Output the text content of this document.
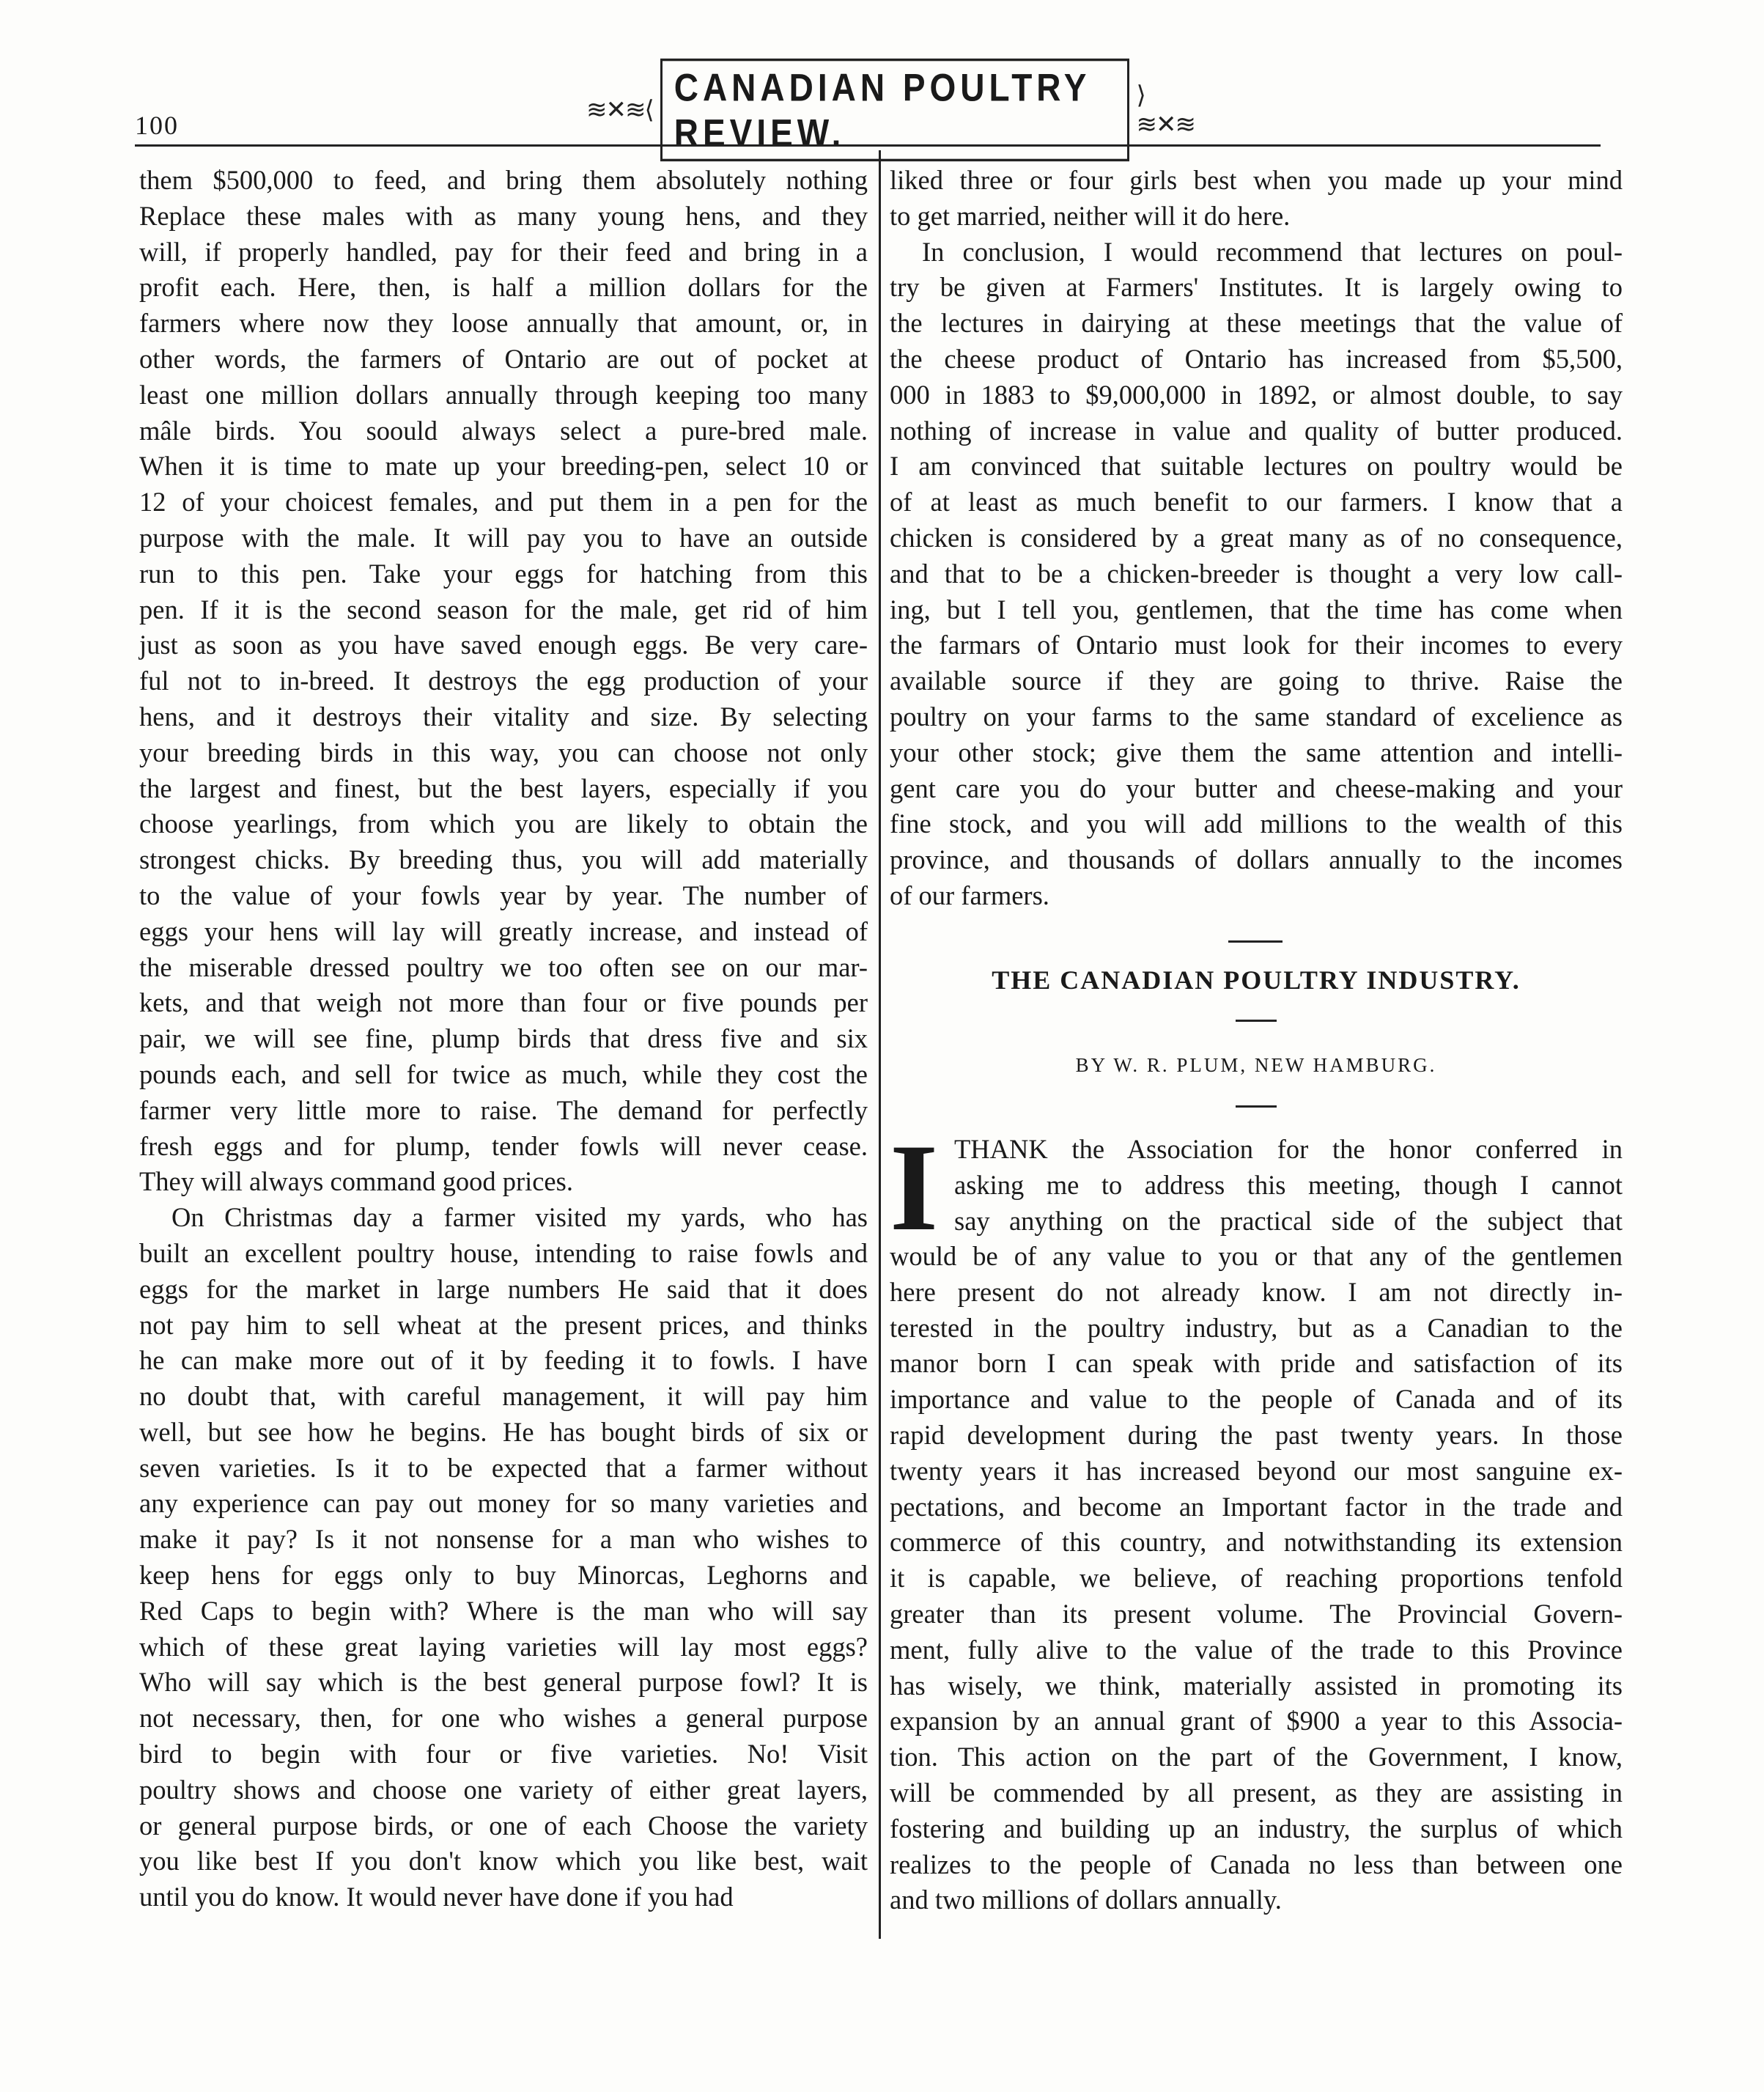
100
≋✕≋⟨
CANADIAN POULTRY REVIEW.
⟩≋✕≋
them $500,000 to feed, and bring them absolutely nothing
Replace these males with as many young hens, and they
will, if properly handled, pay for their feed and bring in a
profit each. Here, then, is half a million dollars for the
farmers where now they loose annually that amount, or, in
other words, the farmers of Ontario are out of pocket at
least one million dollars annually through keeping too many
mâle birds. You soould always select a pure-bred male.
When it is time to mate up your breeding-pen, select 10 or
12 of your choicest females, and put them in a pen for the
purpose with the male. It will pay you to have an outside
run to this pen. Take your eggs for hatching from this
pen. If it is the second season for the male, get rid of him
just as soon as you have saved enough eggs. Be very care-
ful not to in-breed. It destroys the egg production of your
hens, and it destroys their vitality and size. By selecting
your breeding birds in this way, you can choose not only
the largest and finest, but the best layers, especially if you
choose yearlings, from which you are likely to obtain the
strongest chicks. By breeding thus, you will add materially
to the value of your fowls year by year. The number of
eggs your hens will lay will greatly increase, and instead of
the miserable dressed poultry we too often see on our mar-
kets, and that weigh not more than four or five pounds per
pair, we will see fine, plump birds that dress five and six
pounds each, and sell for twice as much, while they cost the
farmer very little more to raise. The demand for perfectly
fresh eggs and for plump, tender fowls will never cease.
They will always command good prices.
On Christmas day a farmer visited my yards, who has
built an excellent poultry house, intending to raise fowls and
eggs for the market in large numbers He said that it does
not pay him to sell wheat at the present prices, and thinks
he can make more out of it by feeding it to fowls. I have
no doubt that, with careful management, it will pay him
well, but see how he begins. He has bought birds of six or
seven varieties. Is it to be expected that a farmer without
any experience can pay out money for so many varieties and
make it pay? Is it not nonsense for a man who wishes to
keep hens for eggs only to buy Minorcas, Leghorns and
Red Caps to begin with? Where is the man who will say
which of these great laying varieties will lay most eggs?
Who will say which is the best general purpose fowl? It is
not necessary, then, for one who wishes a general purpose
bird to begin with four or five varieties. No! Visit
poultry shows and choose one variety of either great layers,
or general purpose birds, or one of each Choose the variety
you like best If you don't know which you like best, wait
until you do know. It would never have done if you had
liked three or four girls best when you made up your mind
to get married, neither will it do here.
In conclusion, I would recommend that lectures on poul-
try be given at Farmers' Institutes. It is largely owing to
the lectures in dairying at these meetings that the value of
the cheese product of Ontario has increased from $5,500,
000 in 1883 to $9,000,000 in 1892, or almost double, to say
nothing of increase in value and quality of butter produced.
I am convinced that suitable lectures on poultry would be
of at least as much benefit to our farmers. I know that a
chicken is considered by a great many as of no consequence,
and that to be a chicken-breeder is thought a very low call-
ing, but I tell you, gentlemen, that the time has come when
the farmars of Ontario must look for their incomes to every
available source if they are going to thrive. Raise the
poultry on your farms to the same standard of excelience as
your other stock; give them the same attention and intelli-
gent care you do your butter and cheese-making and your
fine stock, and you will add millions to the wealth of this
province, and thousands of dollars annually to the incomes
of our farmers.
THE CANADIAN POULTRY INDUSTRY.
BY W. R. PLUM, NEW HAMBURG.
I THANK the Association for the honor conferred in
asking me to address this meeting, though I cannot
say anything on the practical side of the subject that
would be of any value to you or that any of the gentlemen
here present do not already know. I am not directly in-
terested in the poultry industry, but as a Canadian to the
manor born I can speak with pride and satisfaction of its
importance and value to the people of Canada and of its
rapid development during the past twenty years. In those
twenty years it has increased beyond our most sanguine ex-
pectations, and become an Important factor in the trade and
commerce of this country, and notwithstanding its extension
it is capable, we believe, of reaching proportions tenfold
greater than its present volume. The Provincial Govern-
ment, fully alive to the value of the trade to this Province
has wisely, we think, materially assisted in promoting its
expansion by an annual grant of $900 a year to this Associa-
tion. This action on the part of the Government, I know,
will be commended by all present, as they are assisting in
fostering and building up an industry, the surplus of which
realizes to the people of Canada no less than between one
and two millions of dollars annually.
